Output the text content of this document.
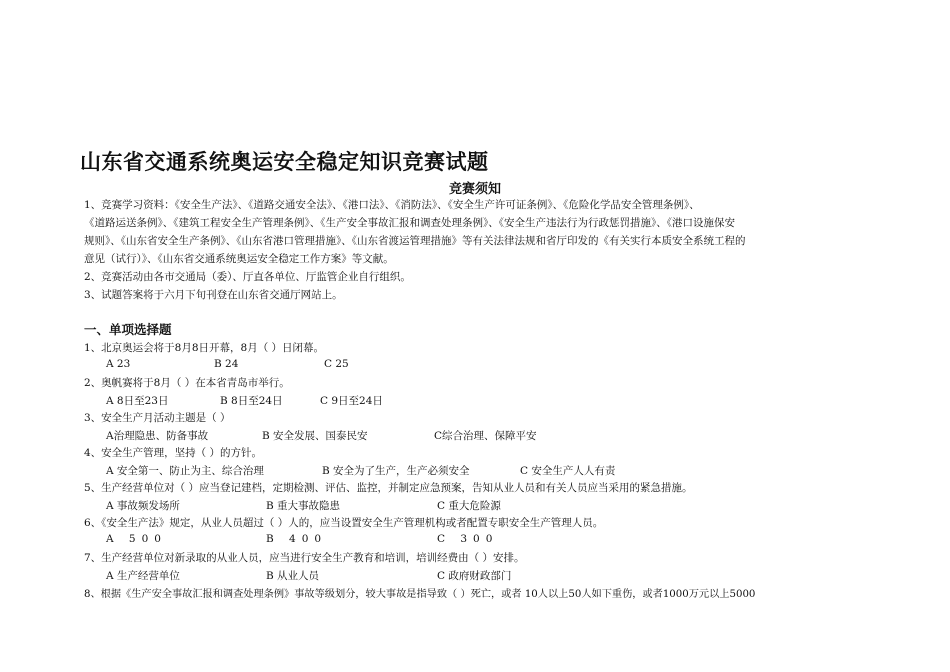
山东省交通系统奥运安全稳定知识竞赛试题
竞赛须知
1、竞赛学习资料：《安全生产法》、《道路交通安全法》、《港口法》、《消防法》、《安全生产许可证条例》、《危险化学品安全管理条例》、
《道路运送条例》、《建筑工程安全生产管理条例》、《生产安全事故汇报和调查处理条例》、《安全生产违法行为行政惩罚措施》、《港口设施保安
规则》、《山东省安全生产条例》、《山东省港口管理措施》、《山东省渡运管理措施》等有关法律法规和省厅印发的《有关实行本质安全系统工程的
意见（试行）》、《山东省交通系统奥运安全稳定工作方案》等文献。
2、竞赛活动由各市交通局（委）、厅直各单位、厅监管企业自行组织。
3、试题答案将于六月下旬刊登在山东省交通厅网站上。
一、单项选择题
1、北京奥运会将于8月8日开幕，8月（ ）日闭幕。
A 23	B 24	C 25
2、奥帆赛将于8月（ ）在本省青岛市举行。
A 8日至23日	B 8日至24日	C 9日至24日
3、安全生产月活动主题是（ ）
A治理隐患、防备事故	B 安全发展、国泰民安	C综合治理、保障平安
4、安全生产管理，坚持（ ）的方针。
A 安全第一、防止为主、综合治理	B 安全为了生产，生产必须安全	C 安全生产人人有责
5、生产经营单位对（ ）应当登记建档，定期检测、评估、监控，并制定应急预案，告知从业人员和有关人员应当采用的紧急措施。
A 事故频发场所	B 重大事故隐患	C 重大危险源
6、《安全生产法》规定，从业人员超过（ ）人的，应当设置安全生产管理机构或者配置专职安全生产管理人员。
A 500	B 400	C 300
7、生产经营单位对新录取的从业人员，应当进行安全生产教育和培训，培训经费由（ ）安排。
A 生产经营单位	B 从业人员	C 政府财政部门
8、根据《生产安全事故汇报和调查处理条例》事故等级划分，较大事故是指导致（ ）死亡，或者 10人以上50人如下重伤，或者1000万元以上5000
